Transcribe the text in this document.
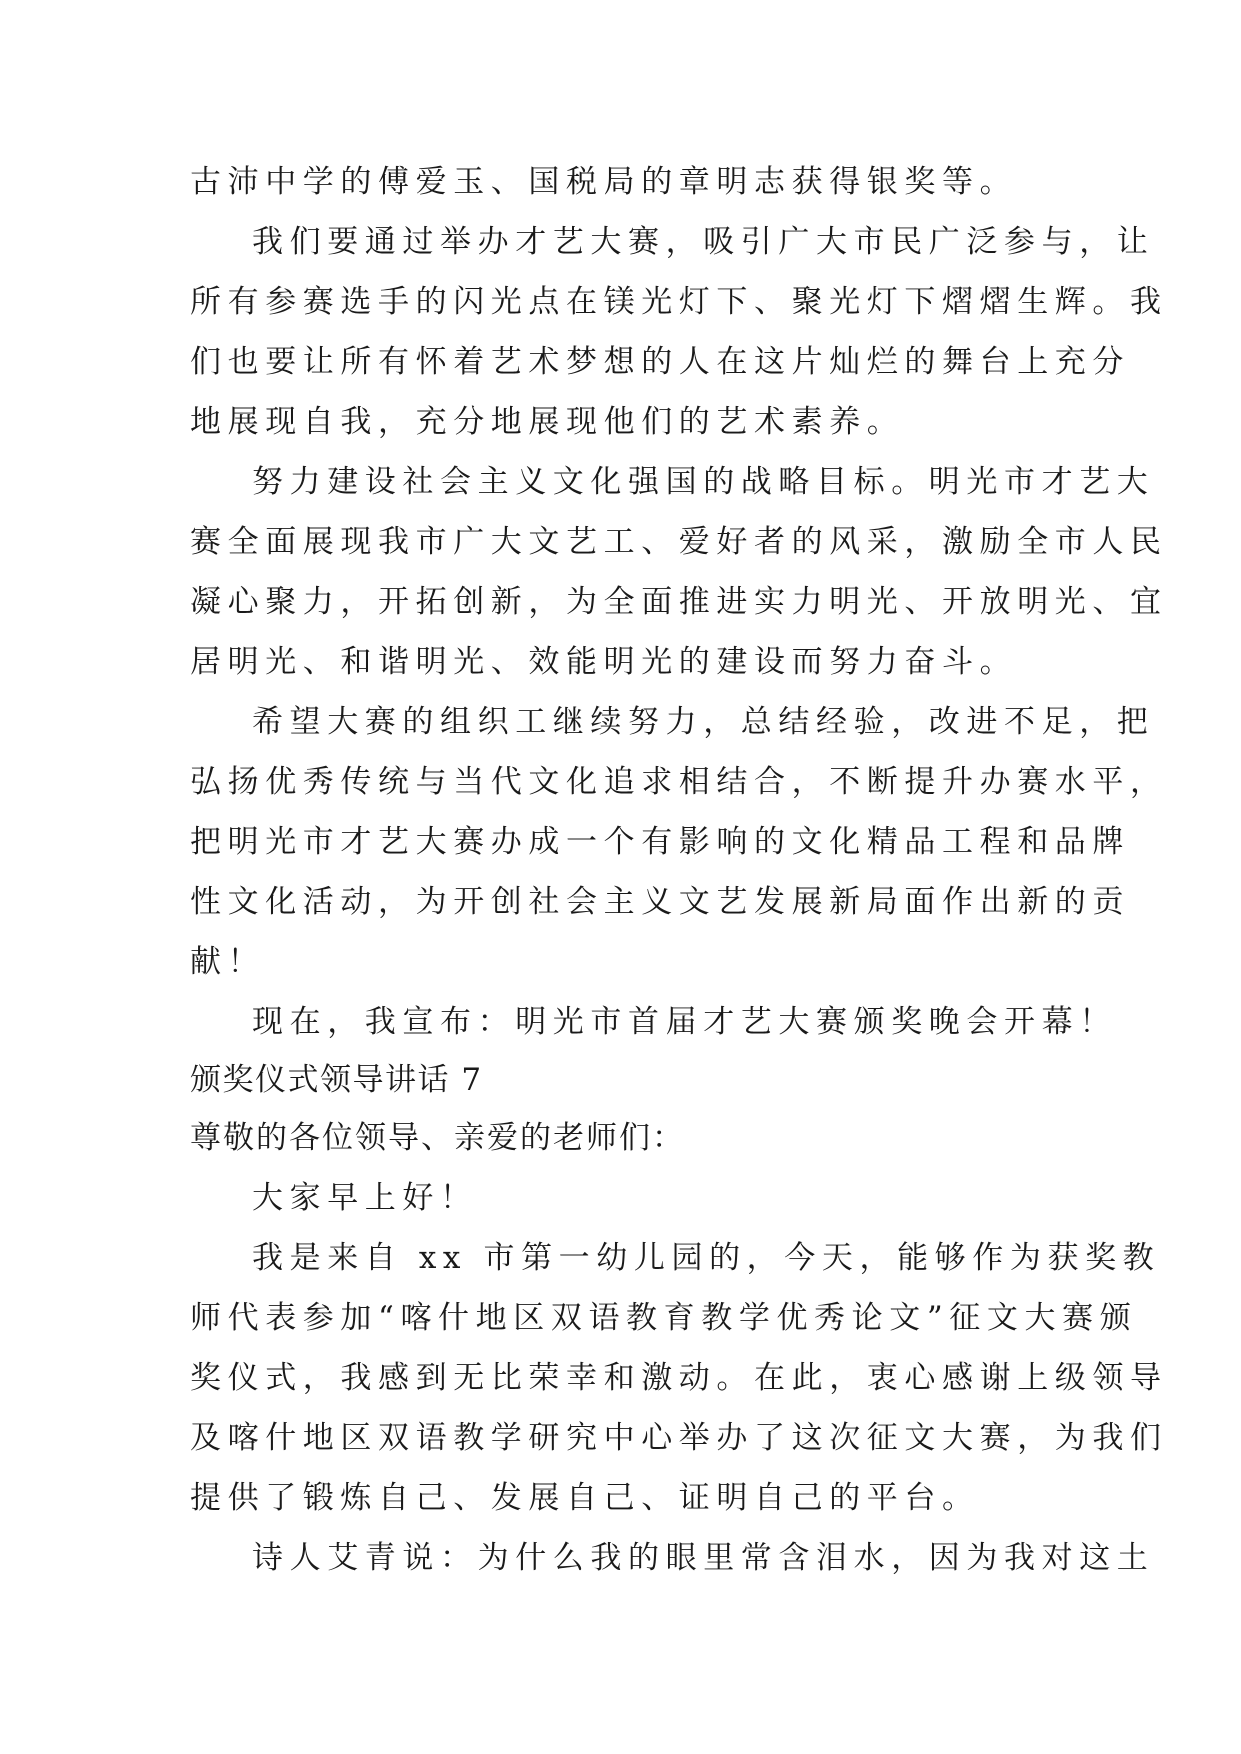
古沛中学的傅爱玉、国税局的章明志获得银奖等。
我们要通过举办才艺大赛，吸引广大市民广泛参与，让
所有参赛选手的闪光点在镁光灯下、聚光灯下熠熠生辉。我
们也要让所有怀着艺术梦想的人在这片灿烂的舞台上充分
地展现自我，充分地展现他们的艺术素养。
努力建设社会主义文化强国的战略目标。明光市才艺大
赛全面展现我市广大文艺工、爱好者的风采，激励全市人民
凝心聚力，开拓创新，为全面推进实力明光、开放明光、宜
居明光、和谐明光、效能明光的建设而努力奋斗。
希望大赛的组织工继续努力，总结经验，改进不足，把
弘扬优秀传统与当代文化追求相结合，不断提升办赛水平，
把明光市才艺大赛办成一个有影响的文化精品工程和品牌
性文化活动，为开创社会主义文艺发展新局面作出新的贡
献！
现在，我宣布：明光市首届才艺大赛颁奖晚会开幕！
颁奖仪式领导讲话 7
尊敬的各位领导、亲爱的老师们：
大家早上好！
我是来自 xx 市第一幼儿园的，今天，能够作为获奖教
师代表参加“喀什地区双语教育教学优秀论文”征文大赛颁
奖仪式，我感到无比荣幸和激动。在此，衷心感谢上级领导
及喀什地区双语教学研究中心举办了这次征文大赛，为我们
提供了锻炼自己、发展自己、证明自己的平台。
诗人艾青说：为什么我的眼里常含泪水，因为我对这土
